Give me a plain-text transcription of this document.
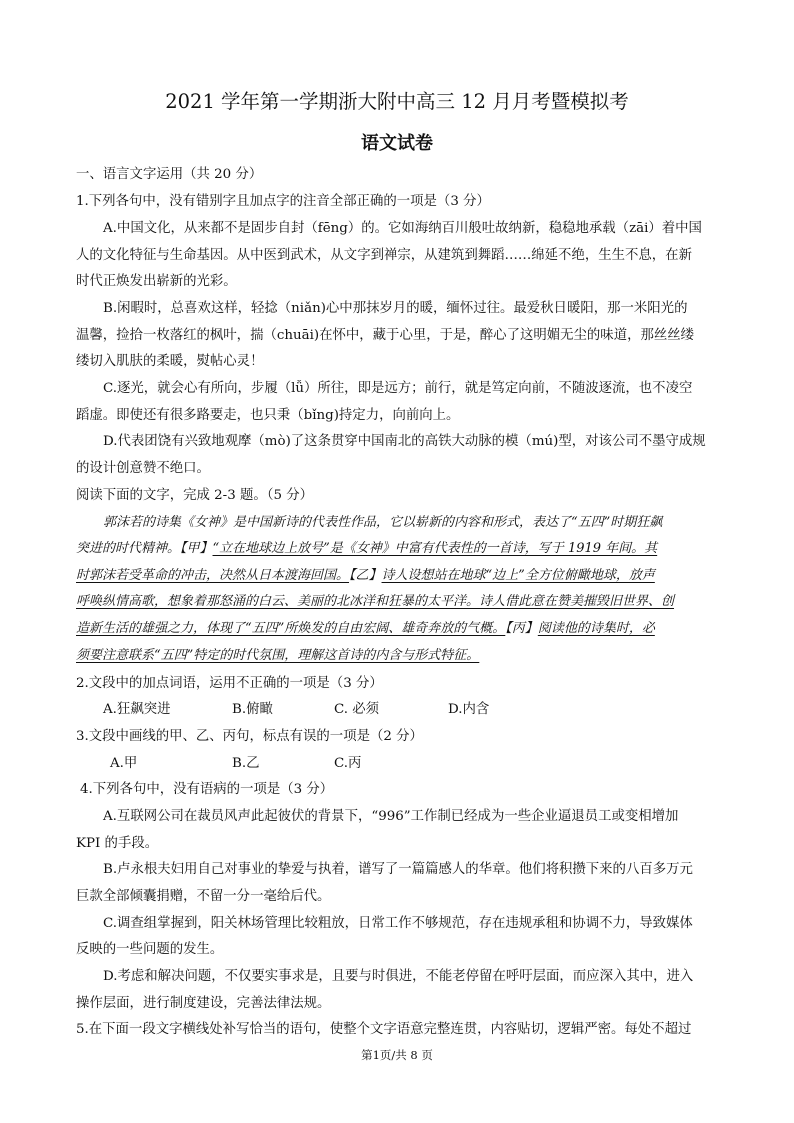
2021 学年第一学期浙大附中高三 12 月月考暨模拟考
语文试卷
一、语言文字运用（共 20 分）
1.下列各句中，没有错别字且加点字的注音全部正确的一项是（3 分）
A.中国文化，从来都不是固步自封（fēng）的。它如海纳百川般吐故纳新，稳稳地承载（zāi）着中国
人的文化特征与生命基因。从中医到武术，从文字到禅宗，从建筑到舞蹈……绵延不绝，生生不息，在新
时代正焕发出崭新的光彩。
B.闲暇时，总喜欢这样，轻捻（niǎn)心中那抹岁月的暖，缅怀过往。最爱秋日暖阳，那一米阳光的
温馨，捡拾一枚落红的枫叶，揣（chuāi)在怀中，藏于心里，于是，醉心了这明媚无尘的味道，那丝丝缕
缕切入肌肤的柔暖，熨帖心灵！
C.逐光，就会心有所向，步履（lǚ）所往，即是远方；前行，就是笃定向前，不随波逐流，也不凌空
蹈虚。即使还有很多路要走，也只秉（bǐng)持定力，向前向上。
D.代表团饶有兴致地观摩（mò)了这条贯穿中国南北的高铁大动脉的模（mú)型，对该公司不墨守成规
的设计创意赞不绝口。
阅读下面的文字，完成 2-3 题。（5 分）
郭沫若的诗集《女神》是中国新诗的代表性作品，它以崭新的内容和形式，表达了“五四”时期狂飙
突进的时代精神。【甲】“立在地球边上放号”是《女神》中富有代表性的一首诗，写于 1919 年间。其
时郭沫若受革命的冲击，决然从日本渡海回国。【乙】诗人设想站在地球“边上”全方位俯瞰地球，放声
呼唤纵情高歌，想象着那怒涌的白云、美丽的北冰洋和狂暴的太平洋。诗人借此意在赞美摧毁旧世界、创
造新生活的雄强之力，体现了“五四”所焕发的自由宏阔、雄奇奔放的气概。【丙】阅读他的诗集时，必
须要注意联系“五四”特定的时代氛围，理解这首诗的内含与形式特征。
2.文段中的加点词语，运用不正确的一项是（3 分）
A.狂飙突进	B.俯瞰	C. 必须	D.内含
3.文段中画线的甲、乙、丙句，标点有误的一项是（2 分）
A.甲	B.乙	C.丙
4.下列各句中，没有语病的一项是（3 分）
A.互联网公司在裁员风声此起彼伏的背景下，“996”工作制已经成为一些企业逼退员工或变相增加
KPI 的手段。
B.卢永根夫妇用自己对事业的挚爱与执着，谱写了一篇篇感人的华章。他们将积攒下来的八百多万元
巨款全部倾囊捐赠，不留一分一毫给后代。
C.调查组掌握到，阳关林场管理比较粗放，日常工作不够规范，存在违规承租和协调不力，导致媒体
反映的一些问题的发生。
D.考虑和解决问题，不仅要实事求是，且要与时俱进，不能老停留在呼吁层面，而应深入其中，进入
操作层面，进行制度建设，完善法律法规。
5.在下面一段文字横线处补写恰当的语句，使整个文字语意完整连贯，内容贴切，逻辑严密。每处不超过
第1页/共 8 页
